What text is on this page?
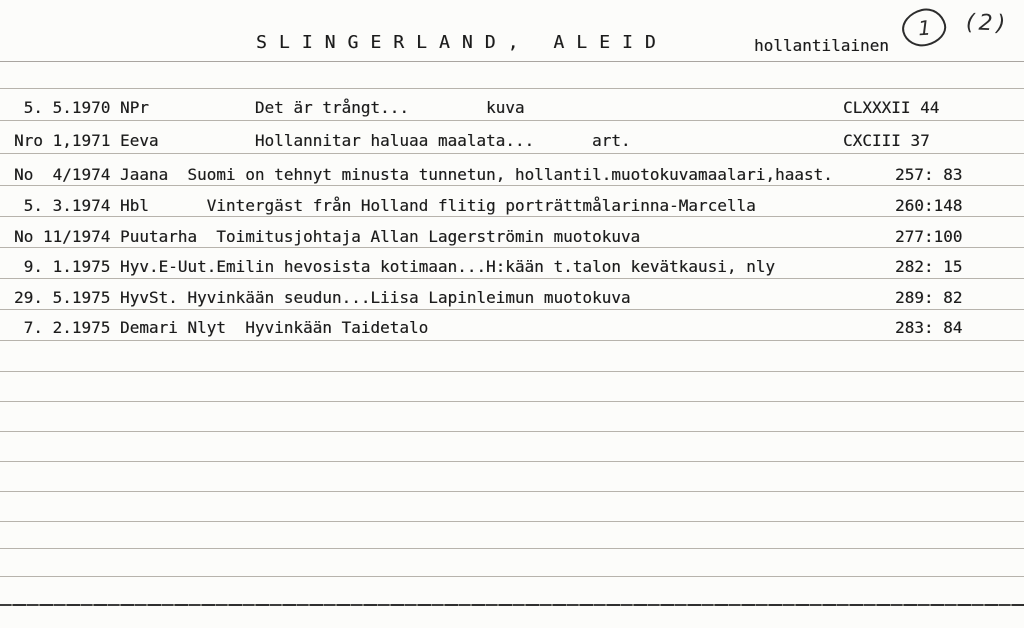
S L I N G E R L A N D ,   A L E I D	hollantilainen
1 (2)
5. 5.1970 NPr           Det är trångt...        kuva	CLXXXII 44
Nro 1,1971 Eeva          Hollannitar haluaa maalata...      art.	CXCIII 37
No  4/1974 Jaana  Suomi on tehnyt minusta tunnetun, hollantil.muotokuvamaalari,haast.	257: 83
5. 3.1974 Hbl      Vintergäst från Holland flitig porträttmålarinna-Marcella	260:148
No 11/1974 Puutarha  Toimitusjohtaja Allan Lagerströmin muotokuva	277:100
9. 1.1975 Hyv.E-Uut.Emilin hevosista kotimaan...H:kään t.talon kevätkausi, nly	282: 15
29. 5.1975 HyvSt. Hyvinkään seudun...Liisa Lapinleimun muotokuva	289: 82
7. 2.1975 Demari Nlyt  Hyvinkään Taidetalo	283: 84
